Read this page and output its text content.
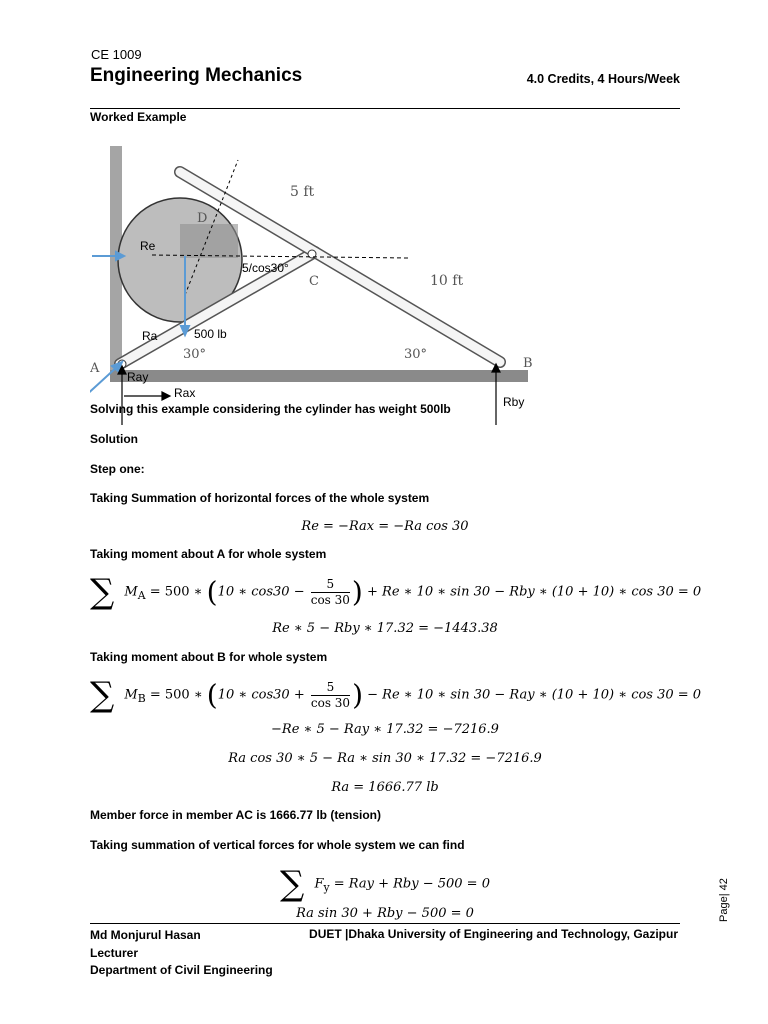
CE 1009
Engineering Mechanics	4.0 Credits, 4 Hours/Week
Worked Example
5 ft
10 ft
A	B
C
D
30°	30°
Re
5/cos30°
Ra	500 lb
Ray
Rax
Rby
Solving this example considering the cylinder has weight 500lb
Solution
Step one:
Taking Summation of horizontal forces of the whole system
Re = −Rax = −Ra cos 30
Taking moment about A for whole system
∑ $M_A = 500$ ∗ (10 ∗ $\cos 30 - \frac{5}{\cos 30}$ ) + Re ∗ 10 ∗ sin 30 − Rby ∗ (10 + 10) ∗ cos 30 = 0
Re ∗ 5 − Rby ∗ 17.32 = −1443.38
Taking moment about B for whole system
∑ $M_B = 500$ ∗ (10 ∗ $\cos 30 + \frac{5}{\cos 30}$ ) − Re ∗ 10 ∗ sin 30 − Ray ∗ (10 + 10) ∗ cos 30 = 0
−Re ∗ 5 − Ray ∗ 17.32 = −7216.9
Ra cos 30 ∗ 5 − Ra ∗ sin 30 ∗ 17.32 = −7216.9
Ra = 1666.77 lb
Member force in member AC is 1666.77 lb (tension)
Taking summation of vertical forces for whole system we can find
∑ $F_y$ = Ray + Rby − 500 = 0
Ra sin 30 + Rby − 500 = 0	Page| 42
Md Monjurul Hasan
Lecturer
Department of Civil Engineering
DUET |Dhaka University of Engineering and Technology, Gazipur
